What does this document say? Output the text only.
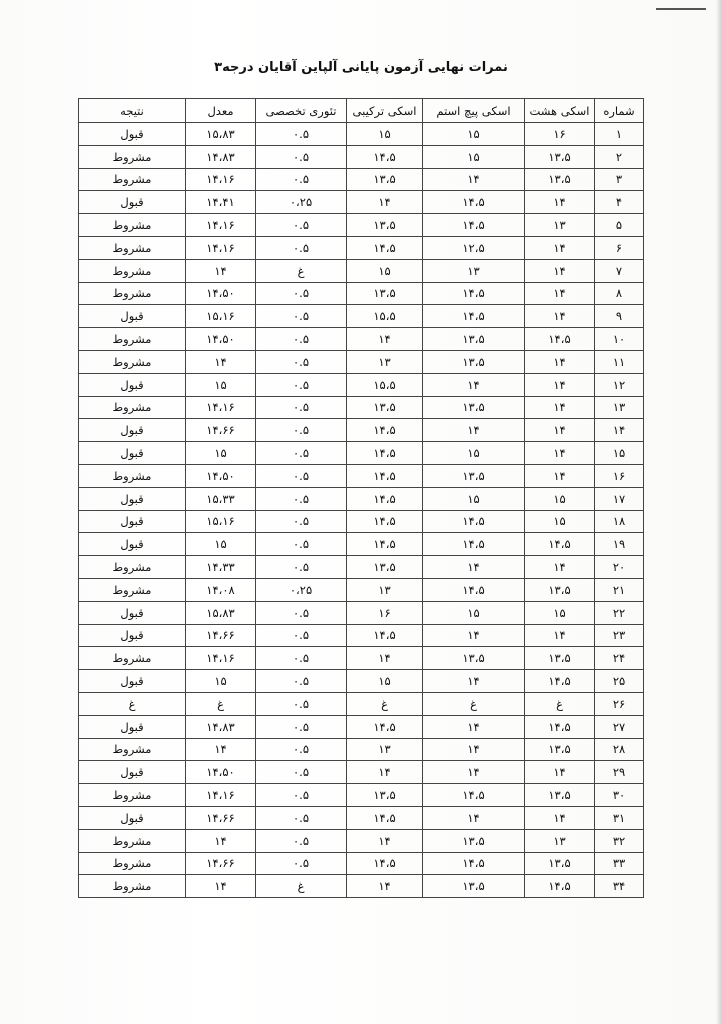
نمرات نهایی آزمون پایانی آلپاین آقایان درجه۳
شماره	اسکی هشت	اسکی پیچ استم	اسکی ترکیبی	تئوری تخصصی	معدل	نتیجه
۱	۱۶	۱۵	۱۵	۰.۵	۱۵،۸۳	قبول
۲	۱۳،۵	۱۵	۱۴،۵	۰.۵	۱۴،۸۳	مشروط
۳	۱۳،۵	۱۴	۱۳،۵	۰.۵	۱۴،۱۶	مشروط
۴	۱۴	۱۴،۵	۱۴	۰،۲۵	۱۴،۴۱	قبول
۵	۱۳	۱۴،۵	۱۳،۵	۰.۵	۱۴،۱۶	مشروط
۶	۱۴	۱۲،۵	۱۴،۵	۰.۵	۱۴،۱۶	مشروط
۷	۱۴	۱۳	۱۵	غ	۱۴	مشروط
۸	۱۴	۱۴،۵	۱۳،۵	۰.۵	۱۴،۵۰	مشروط
۹	۱۴	۱۴،۵	۱۵،۵	۰.۵	۱۵،۱۶	قبول
۱۰	۱۴،۵	۱۳،۵	۱۴	۰.۵	۱۴،۵۰	مشروط
۱۱	۱۴	۱۳،۵	۱۳	۰.۵	۱۴	مشروط
۱۲	۱۴	۱۴	۱۵،۵	۰.۵	۱۵	قبول
۱۳	۱۴	۱۳،۵	۱۳،۵	۰.۵	۱۴،۱۶	مشروط
۱۴	۱۴	۱۴	۱۴،۵	۰.۵	۱۴،۶۶	قبول
۱۵	۱۴	۱۵	۱۴،۵	۰.۵	۱۵	قبول
۱۶	۱۴	۱۳،۵	۱۴،۵	۰.۵	۱۴،۵۰	مشروط
۱۷	۱۵	۱۵	۱۴،۵	۰.۵	۱۵،۳۳	قبول
۱۸	۱۵	۱۴،۵	۱۴،۵	۰.۵	۱۵،۱۶	قبول
۱۹	۱۴،۵	۱۴،۵	۱۴،۵	۰.۵	۱۵	قبول
۲۰	۱۴	۱۴	۱۳،۵	۰.۵	۱۴،۳۳	مشروط
۲۱	۱۳،۵	۱۴،۵	۱۳	۰،۲۵	۱۴،۰۸	مشروط
۲۲	۱۵	۱۵	۱۶	۰.۵	۱۵،۸۳	قبول
۲۳	۱۴	۱۴	۱۴،۵	۰.۵	۱۴،۶۶	قبول
۲۴	۱۳،۵	۱۳،۵	۱۴	۰.۵	۱۴،۱۶	مشروط
۲۵	۱۴،۵	۱۴	۱۵	۰.۵	۱۵	قبول
۲۶	غ	غ	غ	۰.۵	غ	غ
۲۷	۱۴،۵	۱۴	۱۴،۵	۰.۵	۱۴،۸۳	قبول
۲۸	۱۳،۵	۱۴	۱۳	۰.۵	۱۴	مشروط
۲۹	۱۴	۱۴	۱۴	۰.۵	۱۴،۵۰	قبول
۳۰	۱۳،۵	۱۴،۵	۱۳،۵	۰.۵	۱۴،۱۶	مشروط
۳۱	۱۴	۱۴	۱۴،۵	۰.۵	۱۴،۶۶	قبول
۳۲	۱۳	۱۳،۵	۱۴	۰.۵	۱۴	مشروط
۳۳	۱۳،۵	۱۴،۵	۱۴،۵	۰.۵	۱۴،۶۶	مشروط
۳۴	۱۴،۵	۱۳،۵	۱۴	غ	۱۴	مشروط
